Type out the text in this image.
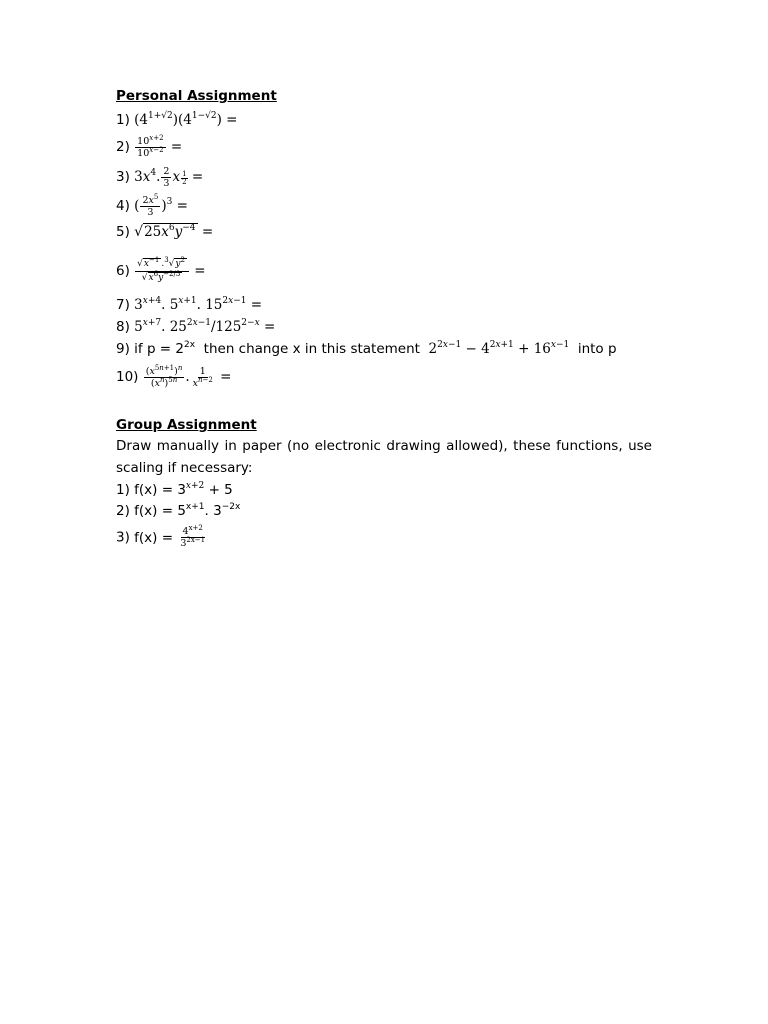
Personal Assignment
1) $(4^{1+√2})(4^{1-√2})$ =
$2) \frac{10^{x+2}}{10^{x-2}}$ =
3) $3x^4$. $\frac{2}{3}$ x $\frac{1}{2}$ =
4) ( $\frac{2x^5}{3} )^3$ =
5) $√25x^6y^{-4}$ =
$6) \frac{√x^{-1} .^3√y^2}{√x^6y^{-2/3}}$ =
7) $3^{x+4}$. $5^{x+1}$. $15^{2x-1}$ =
8) $5^{x+7}$. $25^{2x-1}/125^{2-x}$ =
9) if $p = 2^{2x}$  then change x in this statement  $2^{2x-1} - 4^{2x+1} + 16^{x-1}$  into p
$10) \frac{(x^{5n+1})^n}{(x^n)^{5n}}$ . $\frac{1}{x^{n-2}}$ =
Group Assignment
Draw manually in paper (no electronic drawing allowed), these functions, use scaling if necessary:
1) $f(x) = 3^{x+2} + 5$
2) $f(x) = 5^{x+1}$. $3^{-2x}$
3) $f(x) = \frac{4^{x+2}}{3^{2x-1}}$
